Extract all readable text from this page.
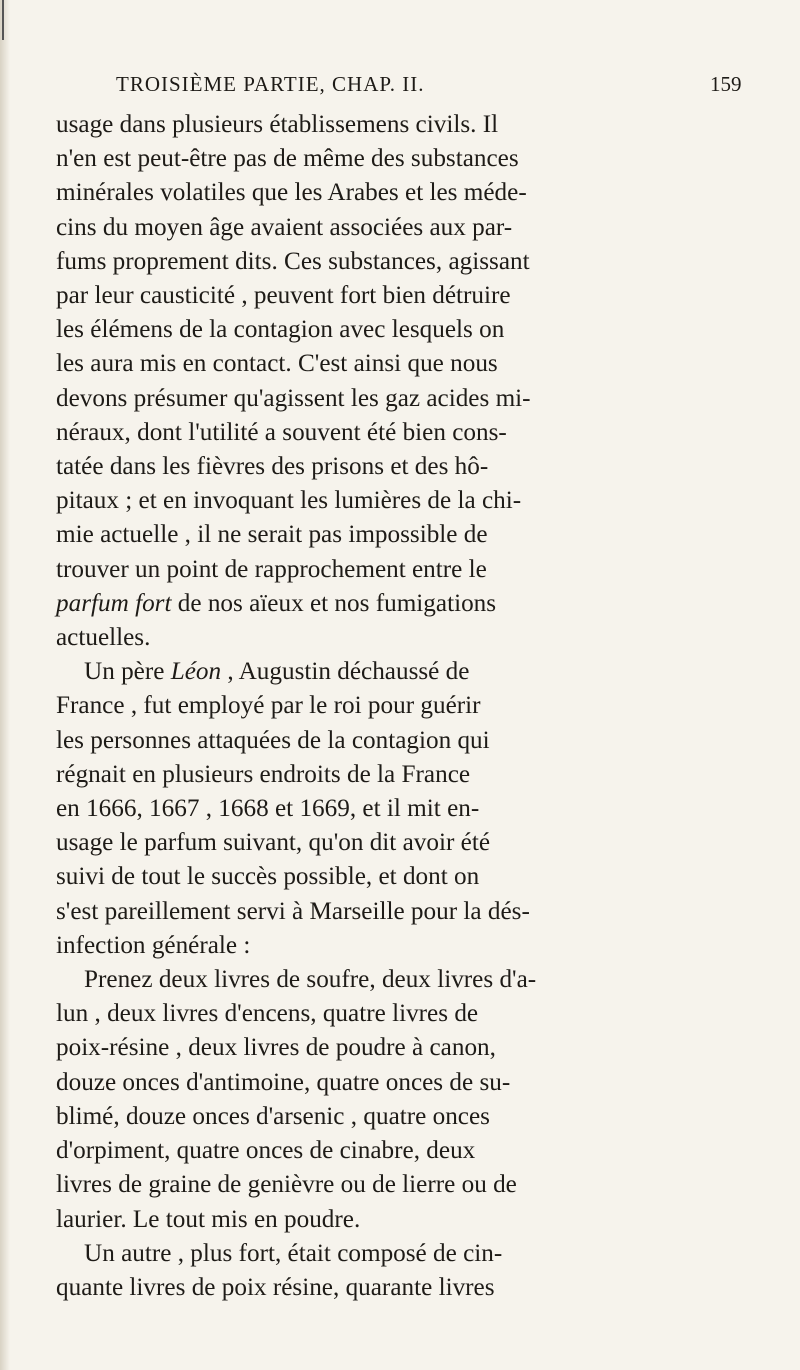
TROISIÈME PARTIE, CHAP. II.	159
usage dans plusieurs établissemens civils. Il
n'en est peut-être pas de même des substances
minérales volatiles que les Arabes et les méde-
cins du moyen âge avaient associées aux par-
fums proprement dits. Ces substances, agissant
par leur causticité , peuvent fort bien détruire
les élémens de la contagion avec lesquels on
les aura mis en contact. C'est ainsi que nous
devons présumer qu'agissent les gaz acides mi-
néraux, dont l'utilité a souvent été bien cons-
tatée dans les fièvres des prisons et des hô-
pitaux ; et en invoquant les lumières de la chi-
mie actuelle , il ne serait pas impossible de
trouver un point de rapprochement entre le
parfum fort de nos aïeux et nos fumigations
actuelles.
Un père Léon , Augustin déchaussé de
France , fut employé par le roi pour guérir
les personnes attaquées de la contagion qui
régnait en plusieurs endroits de la France
en 1666, 1667 , 1668 et 1669, et il mit en-
usage le parfum suivant, qu'on dit avoir été
suivi de tout le succès possible, et dont on
s'est pareillement servi à Marseille pour la dés-
infection générale :
Prenez deux livres de soufre, deux livres d'a-
lun , deux livres d'encens, quatre livres de
poix-résine , deux livres de poudre à canon,
douze onces d'antimoine, quatre onces de su-
blimé, douze onces d'arsenic , quatre onces
d'orpiment, quatre onces de cinabre, deux
livres de graine de genièvre ou de lierre ou de
laurier. Le tout mis en poudre.
Un autre , plus fort, était composé de cin-
quante livres de poix résine, quarante livres
